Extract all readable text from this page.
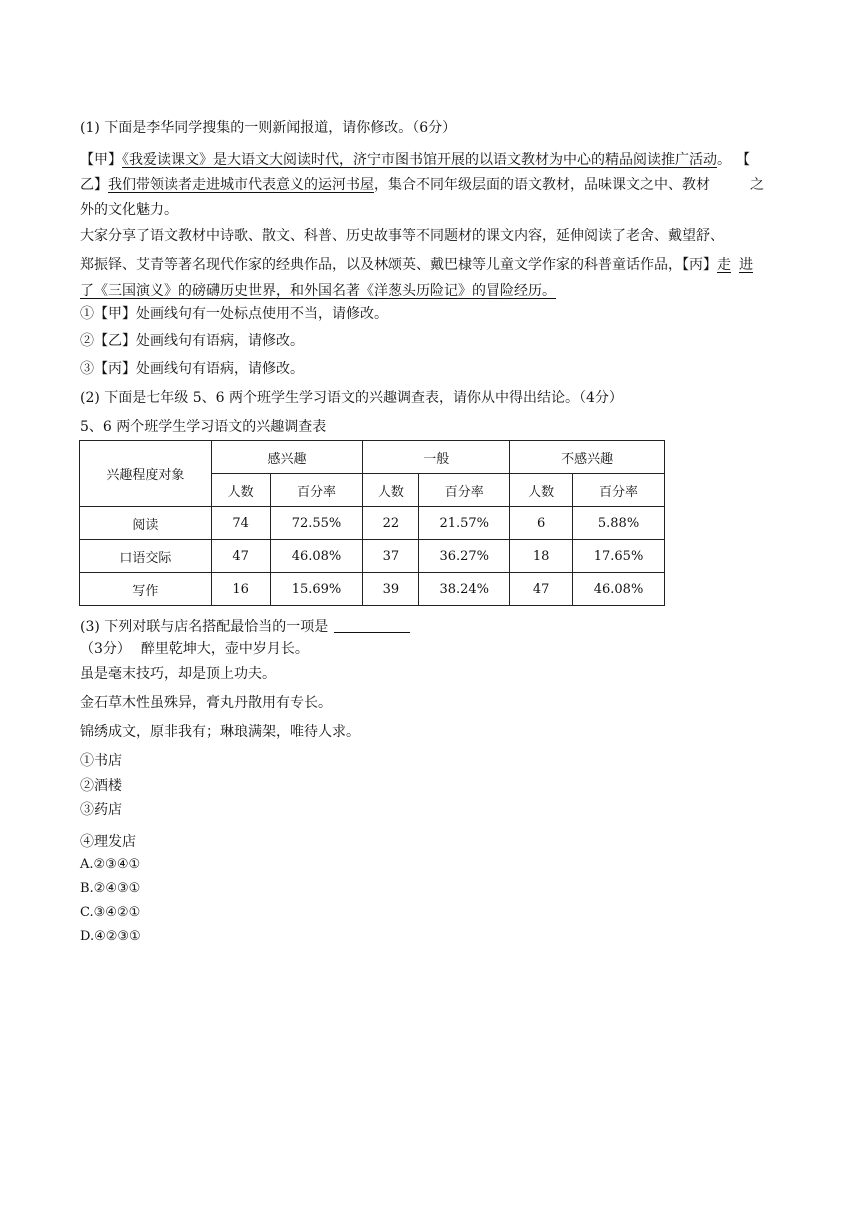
(1) 下面是李华同学搜集的一则新闻报道，请你修改。（6分）
【甲】《我爱读课文》是大语文大阅读时代，济宁市图书馆开展的以语文教材为中心的精品阅读推广活动。 【
乙】我们带领读者走进城市代表意义的运河书屋，集合不同年级层面的语文教材，品味课文之中、教材	之
外的文化魅力。
大家分享了语文教材中诗歌、散文、科普、历史故事等不同题材的课文内容，延伸阅读了老舍、戴望舒、
郑振铎、艾青等著名现代作家的经典作品，以及林颂英、戴巴棣等儿童文学作家的科普童话作品，【丙】走 进
了《三国演义》的磅礴历史世界，和外国名著《洋葱头历险记》的冒险经历。
①【甲】处画线句有一处标点使用不当，请修改。
②【乙】处画线句有语病，请修改。
③【丙】处画线句有语病，请修改。
(2) 下面是七年级 5、6 两个班学生学习语文的兴趣调查表，请你从中得出结论。（4分）
5、6 两个班学生学习语文的兴趣调查表
兴趣程度对象	感兴趣		一般		不感兴趣	
	人数	百分率	人数	百分率	人数	百分率
阅读	74	72.55%	22	21.57%	6	5.88%
口语交际	47	46.08%	37	36.27%	18	17.65%
写作	16	15.69%	39	38.24%	47	46.08%
(3) 下列对联与店名搭配最恰当的一项是
（3分） 醉里乾坤大，壶中岁月长。
虽是毫末技巧，却是顶上功夫。
金石草木性虽殊异，膏丸丹散用有专长。
锦绣成文，原非我有；琳琅满架，唯待人求。
①书店
②酒楼
③药店
④理发店
A.②③④①
B.②④③①
C.③④②①
D.④②③①
